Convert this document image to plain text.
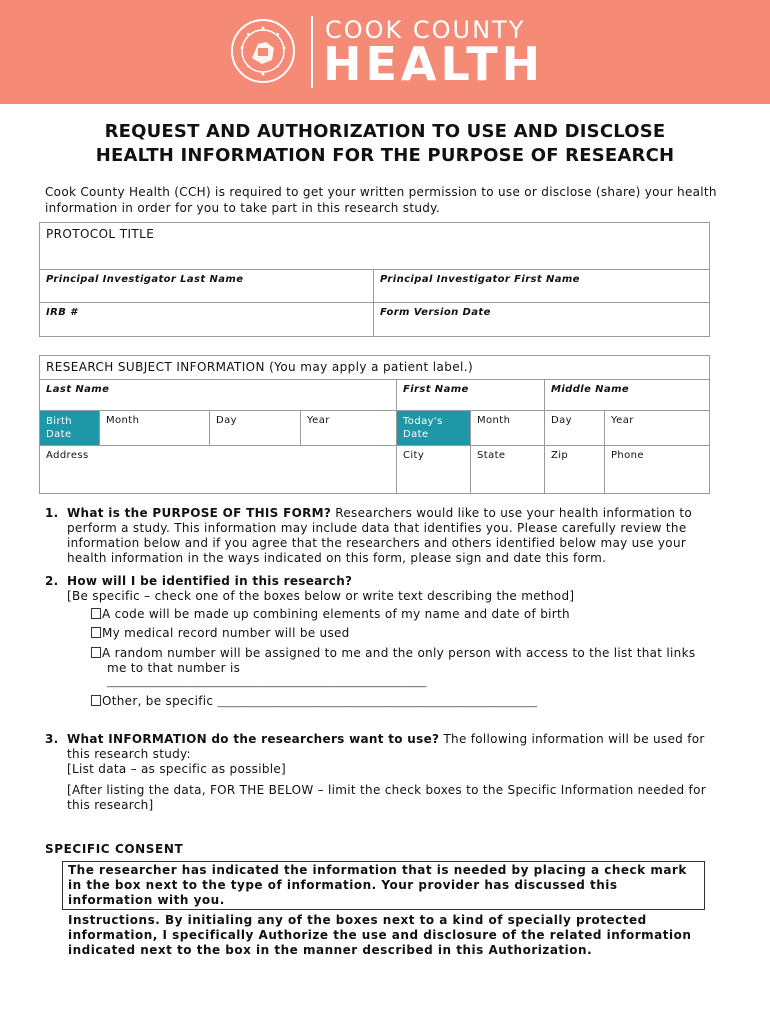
COOK COUNTY
HEALTH
REQUEST AND AUTHORIZATION TO USE AND DISCLOSE
HEALTH INFORMATION FOR THE PURPOSE OF RESEARCH
Cook County Health (CCH) is required to get your written permission to use or disclose (share) your health information in order for you to take part in this research study.
PROTOCOL TITLE	
Principal Investigator Last Name	Principal Investigator First Name
IRB #	Form Version Date
RESEARCH SUBJECT INFORMATION (You may apply a patient label.)							
Last Name				First Name		Middle Name	
Birth Date	Month	Day	Year	Today's Date	Month	Day	Year
Address				City	State	Zip	Phone
1. What is the PURPOSE OF THIS FORM? Researchers would like to use your health information to perform a study. This information may include data that identifies you. Please carefully review the information below and if you agree that the researchers and others identified below may use your health information in the ways indicated on this form, please sign and date this form.
2. How will I be identified in this research?
[Be specific – check one of the boxes below or write text describing the method]
A code will be made up combining elements of my name and date of birth
My medical record number will be used
A random number will be assigned to me and the only person with access to the list that links
me to that number is
_______________________________________________________________________
Other, be specific _______________________________________________________________________
3. What INFORMATION do the researchers want to use? The following information will be used for this research study:
[List data – as specific as possible]
[After listing the data, FOR THE BELOW – limit the check boxes to the Specific Information needed for this research]
SPECIFIC CONSENT
The researcher has indicated the information that is needed by placing a check mark in the box next to the type of information. Your provider has discussed this information with you.
Instructions. By initialing any of the boxes next to a kind of specially protected information, I specifically Authorize the use and disclosure of the related information indicated next to the box in the manner described in this Authorization.
